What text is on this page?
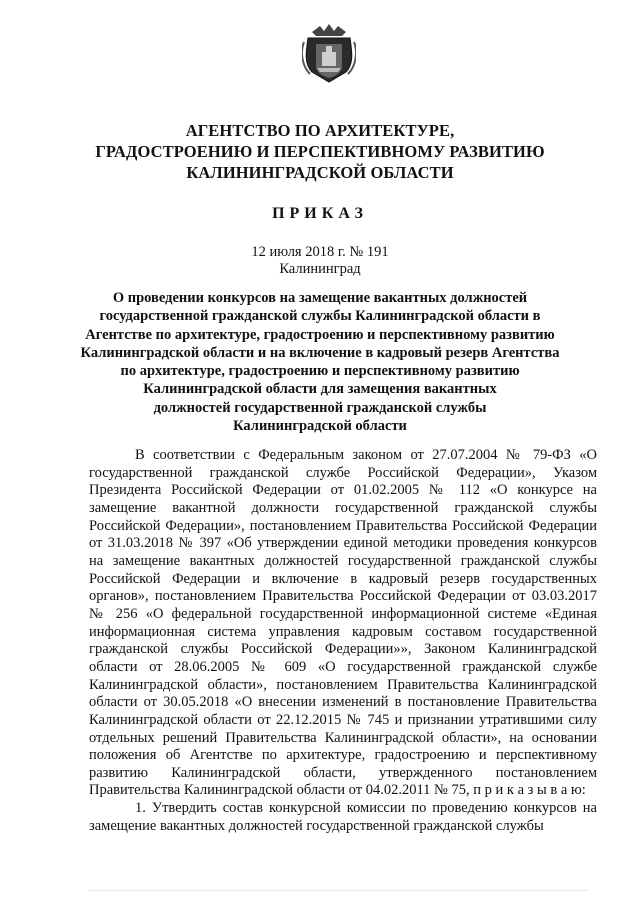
АГЕНТСТВО ПО АРХИТЕКТУРЕ,
ГРАДОСТРОЕНИЮ И ПЕРСПЕКТИВНОМУ РАЗВИТИЮ
КАЛИНИНГРАДСКОЙ ОБЛАСТИ
ПРИКАЗ
12 июля 2018 г. № 191
Калининград
О проведении конкурсов на замещение вакантных должностей
государственной гражданской службы Калининградской области в
Агентстве по архитектуре, градостроению и перспективному развитию
Калининградской области и на включение в кадровый резерв Агентства
по архитектуре, градостроению и перспективному развитию
Калининградской области для замещения вакантных
должностей государственной гражданской службы
Калининградской области

В соответствии с Федеральным законом от 27.07.2004 № 79-ФЗ «О государственной гражданской службе Российской Федерации», Указом Президента Российской Федерации от 01.02.2005 № 112 «О конкурсе на замещение вакантной должности государственной гражданской службы Российской Федерации», постановлением Правительства Российской Федерации от 31.03.2018 № 397 «Об утверждении единой методики проведения конкурсов на замещение вакантных должностей государственной гражданской службы Российской Федерации и включение в кадровый резерв государственных органов», постановлением Правительства Российской Федерации от 03.03.2017 № 256 «О федеральной государственной информационной системе «Единая информационная система управления кадровым составом государственной гражданской службы Российской Федерации»», Законом Калининградской области от 28.06.2005 № 609 «О государственной гражданской службе Калининградской области», постановлением Правительства Калининградской области от 30.05.2018 «О внесении изменений в постановление Правительства Калининградской области от 22.12.2015 № 745 и признании утратившими силу отдельных решений Правительства Калининградской области», на основании положения об Агентстве по архитектуре, градостроению и перспективному развитию Калининградской области, утвержденного постановлением Правительства Калининградской области от 04.02.2011 № 75, п р и к а з ы в а ю:

1. Утвердить состав конкурсной комиссии по проведению конкурсов на замещение вакантных должностей государственной гражданской службы
